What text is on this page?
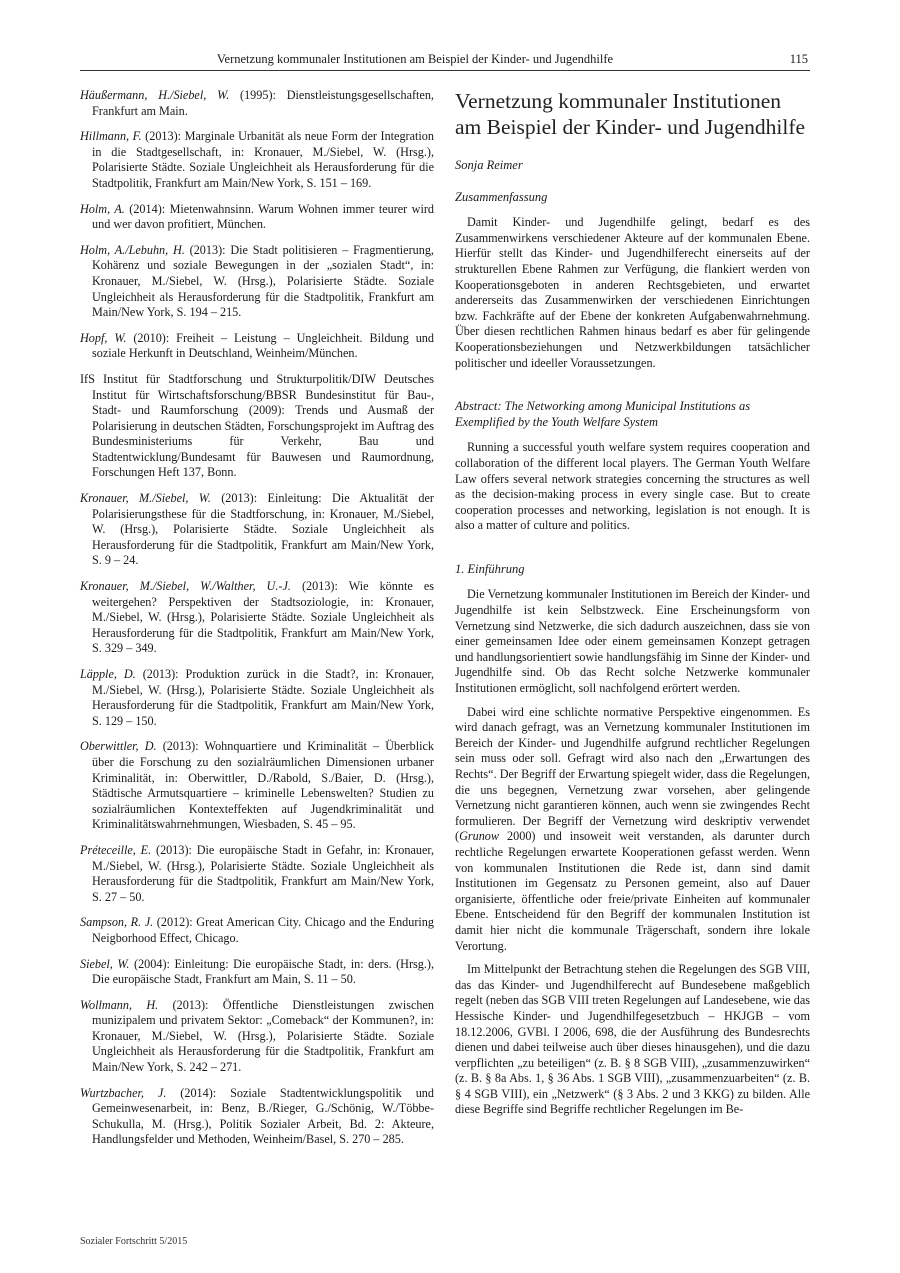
Vernetzung kommunaler Institutionen am Beispiel der Kinder- und Jugendhilfe	115

Häußermann, H./Siebel, W. (1995): Dienstleistungsgesellschaften, Frankfurt am Main.

Hillmann, F. (2013): Marginale Urbanität als neue Form der Integration in die Stadtgesellschaft, in: Kronauer, M./Siebel, W. (Hrsg.), Polarisierte Städte. Soziale Ungleichheit als Herausforderung für die Stadtpolitik, Frankfurt am Main/New York, S. 151 – 169.

Holm, A. (2014): Mietenwahnsinn. Warum Wohnen immer teurer wird und wer davon profitiert, München.

Holm, A./Lebuhn, H. (2013): Die Stadt politisieren – Fragmentierung, Kohärenz und soziale Bewegungen in der „sozialen Stadt“, in: Kronauer, M./Siebel, W. (Hrsg.), Polarisierte Städte. Soziale Ungleichheit als Herausforderung für die Stadtpolitik, Frankfurt am Main/New York, S. 194 – 215.

Hopf, W. (2010): Freiheit – Leistung – Ungleichheit. Bildung und soziale Herkunft in Deutschland, Weinheim/München.

IfS Institut für Stadtforschung und Strukturpolitik/DIW Deutsches Institut für Wirtschaftsforschung/BBSR Bundesinstitut für Bau-, Stadt- und Raumforschung (2009): Trends und Ausmaß der Polarisierung in deutschen Städten, Forschungsprojekt im Auftrag des Bundesministeriums für Verkehr, Bau und Stadtentwicklung/Bundesamt für Bauwesen und Raumordnung, Forschungen Heft 137, Bonn.

Kronauer, M./Siebel, W. (2013): Einleitung: Die Aktualität der Polarisierungsthese für die Stadtforschung, in: Kronauer, M./Siebel, W. (Hrsg.), Polarisierte Städte. Soziale Ungleichheit als Herausforderung für die Stadtpolitik, Frankfurt am Main/New York, S. 9 – 24.

Kronauer, M./Siebel, W./Walther, U.-J. (2013): Wie könnte es weitergehen? Perspektiven der Stadtsoziologie, in: Kronauer, M./Siebel, W. (Hrsg.), Polarisierte Städte. Soziale Ungleichheit als Herausforderung für die Stadtpolitik, Frankfurt am Main/New York, S. 329 – 349.

Läpple, D. (2013): Produktion zurück in die Stadt?, in: Kronauer, M./Siebel, W. (Hrsg.), Polarisierte Städte. Soziale Ungleichheit als Herausforderung für die Stadtpolitik, Frankfurt am Main/New York, S. 129 – 150.

Oberwittler, D. (2013): Wohnquartiere und Kriminalität – Überblick über die Forschung zu den sozialräumlichen Dimensionen urbaner Kriminalität, in: Oberwittler, D./Rabold, S./Baier, D. (Hrsg.), Städtische Armutsquartiere – kriminelle Lebenswelten? Studien zu sozialräumlichen Kontexteffekten auf Jugendkriminalität und Kriminalitätswahrnehmungen, Wiesbaden, S. 45 – 95.

Préteceille, E. (2013): Die europäische Stadt in Gefahr, in: Kronauer, M./Siebel, W. (Hrsg.), Polarisierte Städte. Soziale Ungleichheit als Herausforderung für die Stadtpolitik, Frankfurt am Main/New York, S. 27 – 50.

Sampson, R. J. (2012): Great American City. Chicago and the Enduring Neigborhood Effect, Chicago.

Siebel, W. (2004): Einleitung: Die europäische Stadt, in: ders. (Hrsg.), Die europäische Stadt, Frankfurt am Main, S. 11 – 50.

Wollmann, H. (2013): Öffentliche Dienstleistungen zwischen munizipalem und privatem Sektor: „Comeback“ der Kommunen?, in: Kronauer, M./Siebel, W. (Hrsg.), Polarisierte Städte. Soziale Ungleichheit als Herausforderung für die Stadtpolitik, Frankfurt am Main/New York, S. 242 – 271.

Wurtzbacher, J. (2014): Soziale Stadtentwicklungspolitik und Gemeinwesenarbeit, in: Benz, B./Rieger, G./Schönig, W./Többe-Schukulla, M. (Hrsg.), Politik Sozialer Arbeit, Bd. 2: Akteure, Handlungsfelder und Methoden, Weinheim/Basel, S. 270 – 285.

Vernetzung kommunaler Institutionen am Beispiel der Kinder- und Jugendhilfe

Sonja Reimer

Zusammenfassung

Damit Kinder- und Jugendhilfe gelingt, bedarf es des Zusammenwirkens verschiedener Akteure auf der kommunalen Ebene. Hierfür stellt das Kinder- und Jugendhilferecht einerseits auf der strukturellen Ebene Rahmen zur Verfügung, die flankiert werden von Kooperationsgeboten in anderen Rechtsgebieten, und erwartet andererseits das Zusammenwirken der verschiedenen Einrichtungen bzw. Fachkräfte auf der Ebene der konkreten Aufgabenwahrnehmung. Über diesen rechtlichen Rahmen hinaus bedarf es aber für gelingende Kooperationsbeziehungen und Netzwerkbildungen tatsächlicher politischer und ideeller Voraussetzungen.

Abstract: The Networking among Municipal Institutions as Exemplified by the Youth Welfare System

Running a successful youth welfare system requires cooperation and collaboration of the different local players. The German Youth Welfare Law offers several network strategies concerning the structures as well as the decision-making process in every single case. But to create cooperation processes and networking, legislation is not enough. It is also a matter of culture and politics.

1. Einführung

Die Vernetzung kommunaler Institutionen im Bereich der Kinder- und Jugendhilfe ist kein Selbstzweck. Eine Erscheinungsform von Vernetzung sind Netzwerke, die sich dadurch auszeichnen, dass sie von einer gemeinsamen Idee oder einem gemeinsamen Konzept getragen und handlungsorientiert sowie handlungsfähig im Sinne der Kinder- und Jugendhilfe sind. Ob das Recht solche Netzwerke kommunaler Institutionen ermöglicht, soll nachfolgend erörtert werden.

Dabei wird eine schlichte normative Perspektive eingenommen. Es wird danach gefragt, was an Vernetzung kommunaler Institutionen im Bereich der Kinder- und Jugendhilfe aufgrund rechtlicher Regelungen sein muss oder soll. Gefragt wird also nach den „Erwartungen des Rechts“. Der Begriff der Erwartung spiegelt wider, dass die Regelungen, die uns begegnen, Vernetzung zwar vorsehen, aber gelingende Vernetzung nicht garantieren können, auch wenn sie zwingendes Recht formulieren. Der Begriff der Vernetzung wird deskriptiv verwendet (Grunow 2000) und insoweit weit verstanden, als darunter durch rechtliche Regelungen erwartete Kooperationen gefasst werden. Wenn von kommunalen Institutionen die Rede ist, dann sind damit Institutionen im Gegensatz zu Personen gemeint, also auf Dauer organisierte, öffentliche oder freie/private Einheiten auf kommunaler Ebene. Entscheidend für den Begriff der kommunalen Institution ist damit hier nicht die kommunale Trägerschaft, sondern ihre lokale Verortung.

Im Mittelpunkt der Betrachtung stehen die Regelungen des SGB VIII, das das Kinder- und Jugendhilferecht auf Bundesebene maßgeblich regelt (neben das SGB VIII treten Regelungen auf Landesebene, wie das Hessische Kinder- und Jugendhilfegesetzbuch – HKJGB – vom 18.12.2006, GVBl. I 2006, 698, die der Ausführung des Bundesrechts dienen und dabei teilweise auch über dieses hinausgehen), und die dazu verpflichten „zu beteiligen“ (z. B. § 8 SGB VIII), „zusammenzuwirken“ (z. B. § 8a Abs. 1, § 36 Abs. 1 SGB VIII), „zusammenzuarbeiten“ (z. B. § 4 SGB VIII), ein „Netzwerk“ (§ 3 Abs. 2 und 3 KKG) zu bilden. Alle diese Begriffe sind Begriffe rechtlicher Regelungen im Be-

Sozialer Fortschritt 5/2015
